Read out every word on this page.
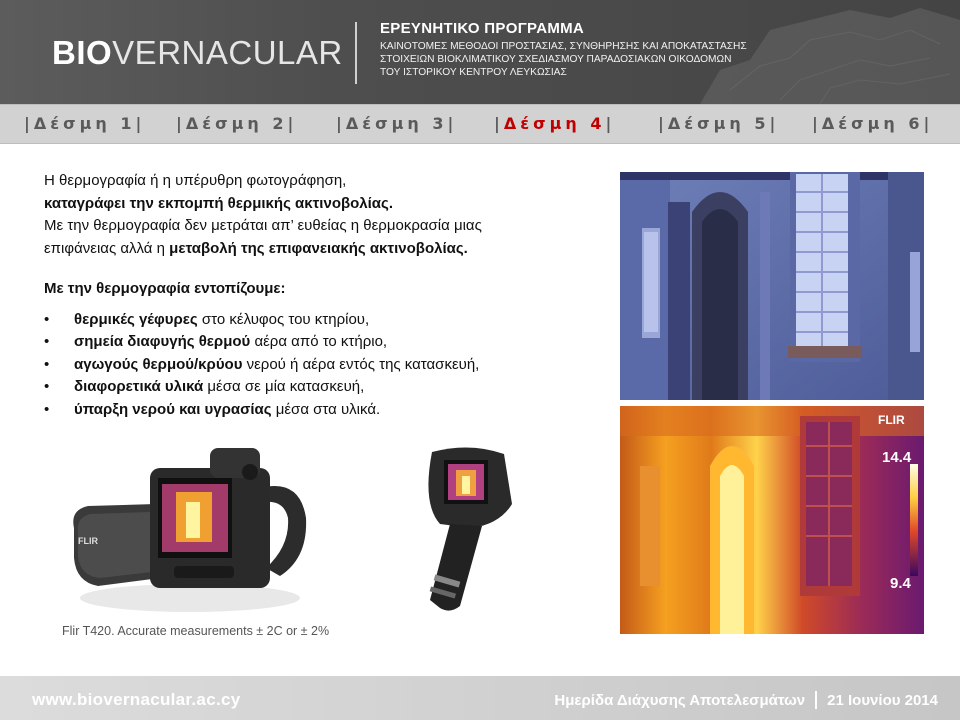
BIOVERNACULAR
ΕΡΕΥΝΗΤΙΚΟ ΠΡΟΓΡΑΜΜΑ
ΚΑΙΝΟΤΟΜΕΣ ΜΕΘΟΔΟΙ ΠΡΟΣΤΑΣΙΑΣ, ΣΥΝΘΗΡΗΣΗΣ ΚΑΙ ΑΠΟΚΑΤΑΣΤΑΣΗΣ
ΣΤΟΙΧΕΙΩΝ ΒΙΟΚΛΙΜΑΤΙΚΟΥ ΣΧΕΔΙΑΣΜΟΥ ΠΑΡΑΔΟΣΙΑΚΩΝ ΟΙΚΟΔΟΜΩΝ
ΤΟΥ ΙΣΤΟΡΙΚΟΥ ΚΕΝΤΡΟΥ ΛΕΥΚΩΣΙΑΣ
|Δέσμη 1| |Δέσμη 2| |Δέσμη 3| |Δέσμη 4|	|Δέσμη 5| |Δέσμη 6|

Η θερμογραφία ή η υπέρυθρη φωτογράφηση,

καταγράφει την εκπομπή θερμικής ακτινοβολίας.

Με την θερμογραφία δεν μετράται απ’ ευθείας η θερμοκρασία μιας

επιφάνειας αλλά η μεταβολή της επιφανειακής ακτινοβολίας.

Με την θερμογραφία εντοπίζουμε:

• θερμικές γέφυρες στο κέλυφος του κτηρίου,
• σημεία διαφυγής θερμού αέρα από το κτήριο,
• αγωγούς θερμού/κρύου νερού ή αέρα εντός της κατασκευή,
• διαφορετικά υλικά μέσα σε μία κατασκευή,
• ύπαρξη νερού και υγρασίας μέσα στα υλικά.
FLIR
14.4
9.4
FLIR
Flir T420. Accurate measurements ± 2C or ± 2%
www.biovernacular.ac.cy	Ημερίδα Διάχυσης Αποτελεσμάτων 21 Ιουνίου 2014
